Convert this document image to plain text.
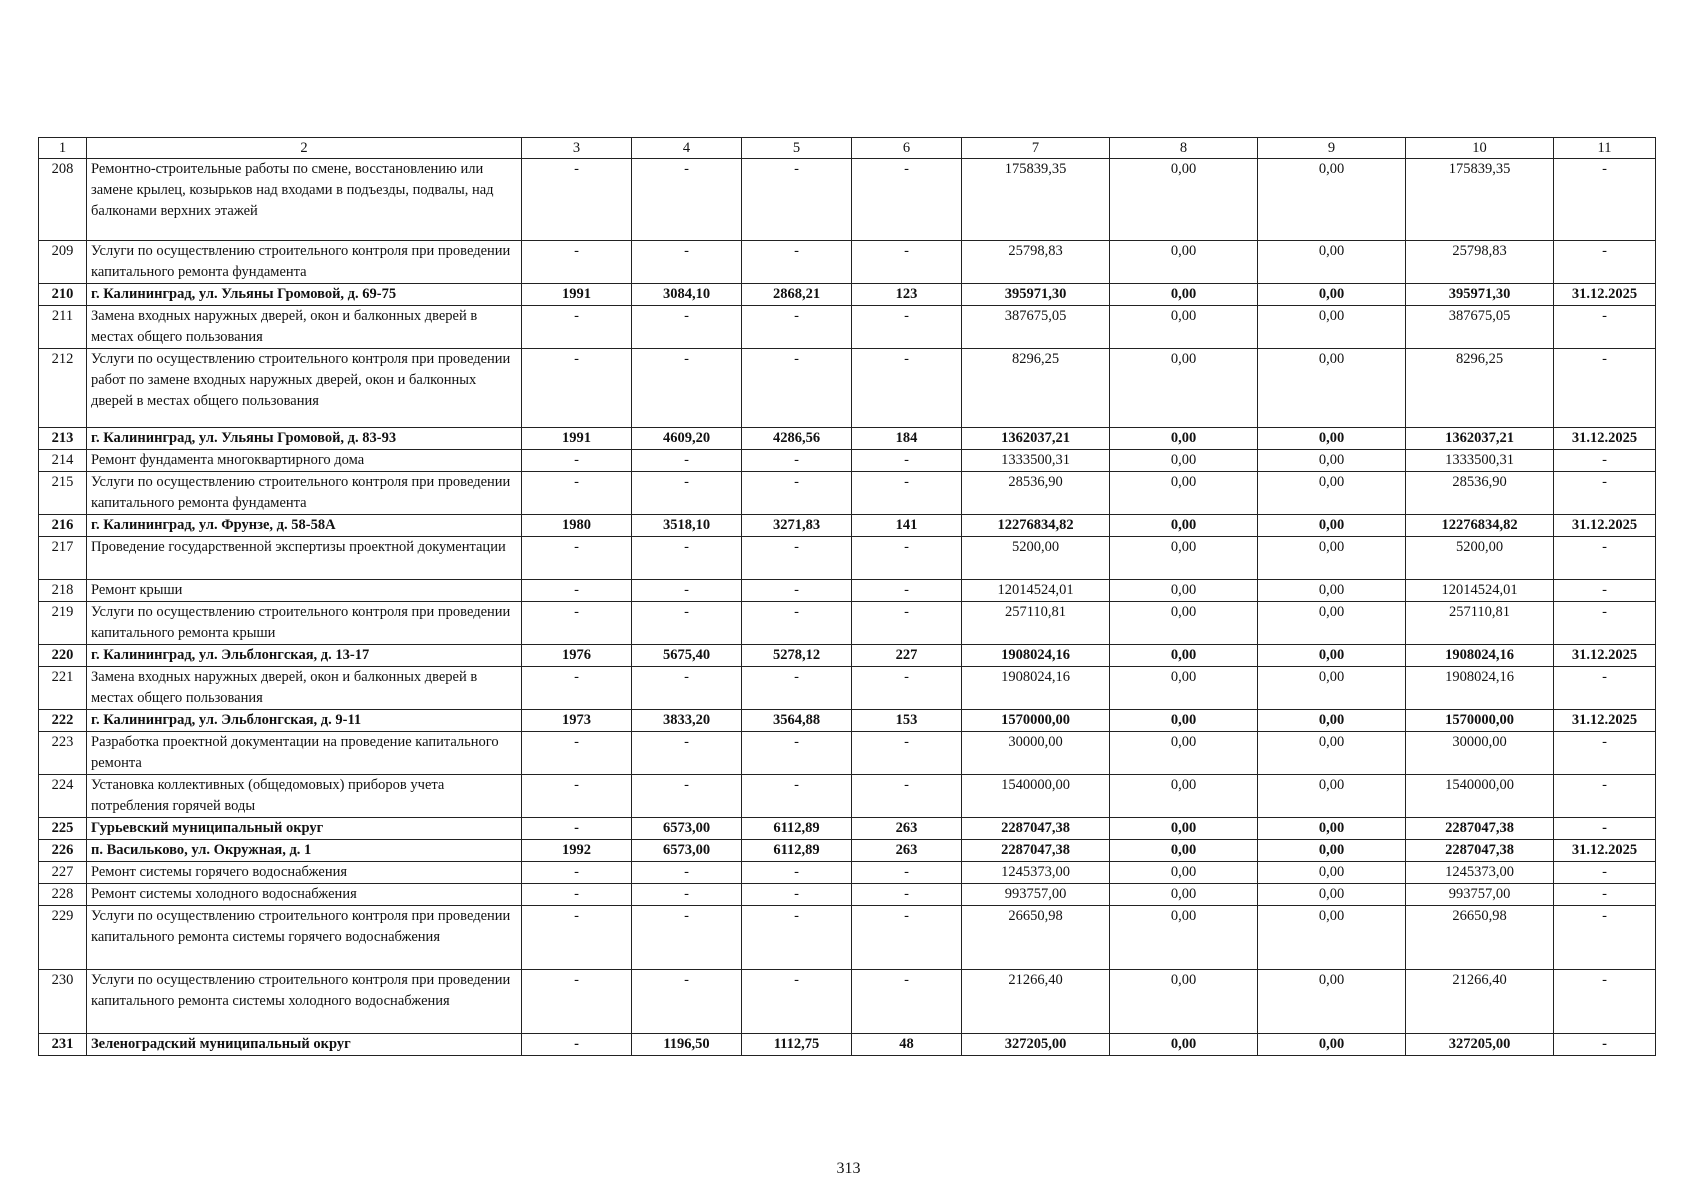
1	2	3	4	5	6	7	8	9	10	11
208	Ремонтно-строительные работы по смене, восстановлению или замене крылец, козырьков над входами в подъезды, подвалы, над балконами верхних этажей	-	-	-	-	175839,35	0,00	0,00	175839,35	-
209	Услуги по осуществлению строительного контроля при проведении капитального ремонта фундамента	-	-	-	-	25798,83	0,00	0,00	25798,83	-
210	г. Калининград, ул. Ульяны Громовой, д. 69-75	1991	3084,10	2868,21	123	395971,30	0,00	0,00	395971,30	31.12.2025
211	Замена входных наружных дверей, окон и балконных дверей в местах общего пользования	-	-	-	-	387675,05	0,00	0,00	387675,05	-
212	Услуги по осуществлению строительного контроля при проведении работ по замене входных наружных дверей, окон и балконных дверей в местах общего пользования	-	-	-	-	8296,25	0,00	0,00	8296,25	-
213	г. Калининград, ул. Ульяны Громовой, д. 83-93	1991	4609,20	4286,56	184	1362037,21	0,00	0,00	1362037,21	31.12.2025
214	Ремонт фундамента многоквартирного дома	-	-	-	-	1333500,31	0,00	0,00	1333500,31	-
215	Услуги по осуществлению строительного контроля при проведении капитального ремонта фундамента	-	-	-	-	28536,90	0,00	0,00	28536,90	-
216	г. Калининград, ул. Фрунзе, д. 58-58А	1980	3518,10	3271,83	141	12276834,82	0,00	0,00	12276834,82	31.12.2025
217	Проведение государственной экспертизы проектной документации	-	-	-	-	5200,00	0,00	0,00	5200,00	-
218	Ремонт крыши	-	-	-	-	12014524,01	0,00	0,00	12014524,01	-
219	Услуги по осуществлению строительного контроля при проведении капитального ремонта крыши	-	-	-	-	257110,81	0,00	0,00	257110,81	-
220	г. Калининград, ул. Эльблонгская, д. 13-17	1976	5675,40	5278,12	227	1908024,16	0,00	0,00	1908024,16	31.12.2025
221	Замена входных наружных дверей, окон и балконных дверей в местах общего пользования	-	-	-	-	1908024,16	0,00	0,00	1908024,16	-
222	г. Калининград, ул. Эльблонгская, д. 9-11	1973	3833,20	3564,88	153	1570000,00	0,00	0,00	1570000,00	31.12.2025
223	Разработка проектной документации на проведение капитального ремонта	-	-	-	-	30000,00	0,00	0,00	30000,00	-
224	Установка коллективных (общедомовых) приборов учета потребления горячей воды	-	-	-	-	1540000,00	0,00	0,00	1540000,00	-
225	Гурьевский муниципальный округ	-	6573,00	6112,89	263	2287047,38	0,00	0,00	2287047,38	-
226	п. Васильково, ул. Окружная, д. 1	1992	6573,00	6112,89	263	2287047,38	0,00	0,00	2287047,38	31.12.2025
227	Ремонт системы горячего водоснабжения	-	-	-	-	1245373,00	0,00	0,00	1245373,00	-
228	Ремонт системы холодного водоснабжения	-	-	-	-	993757,00	0,00	0,00	993757,00	-
229	Услуги по осуществлению строительного контроля при проведении капитального ремонта системы горячего водоснабжения	-	-	-	-	26650,98	0,00	0,00	26650,98	-
230	Услуги по осуществлению строительного контроля при проведении капитального ремонта системы холодного водоснабжения	-	-	-	-	21266,40	0,00	0,00	21266,40	-
231	Зеленоградский муниципальный округ	-	1196,50	1112,75	48	327205,00	0,00	0,00	327205,00	-
313
